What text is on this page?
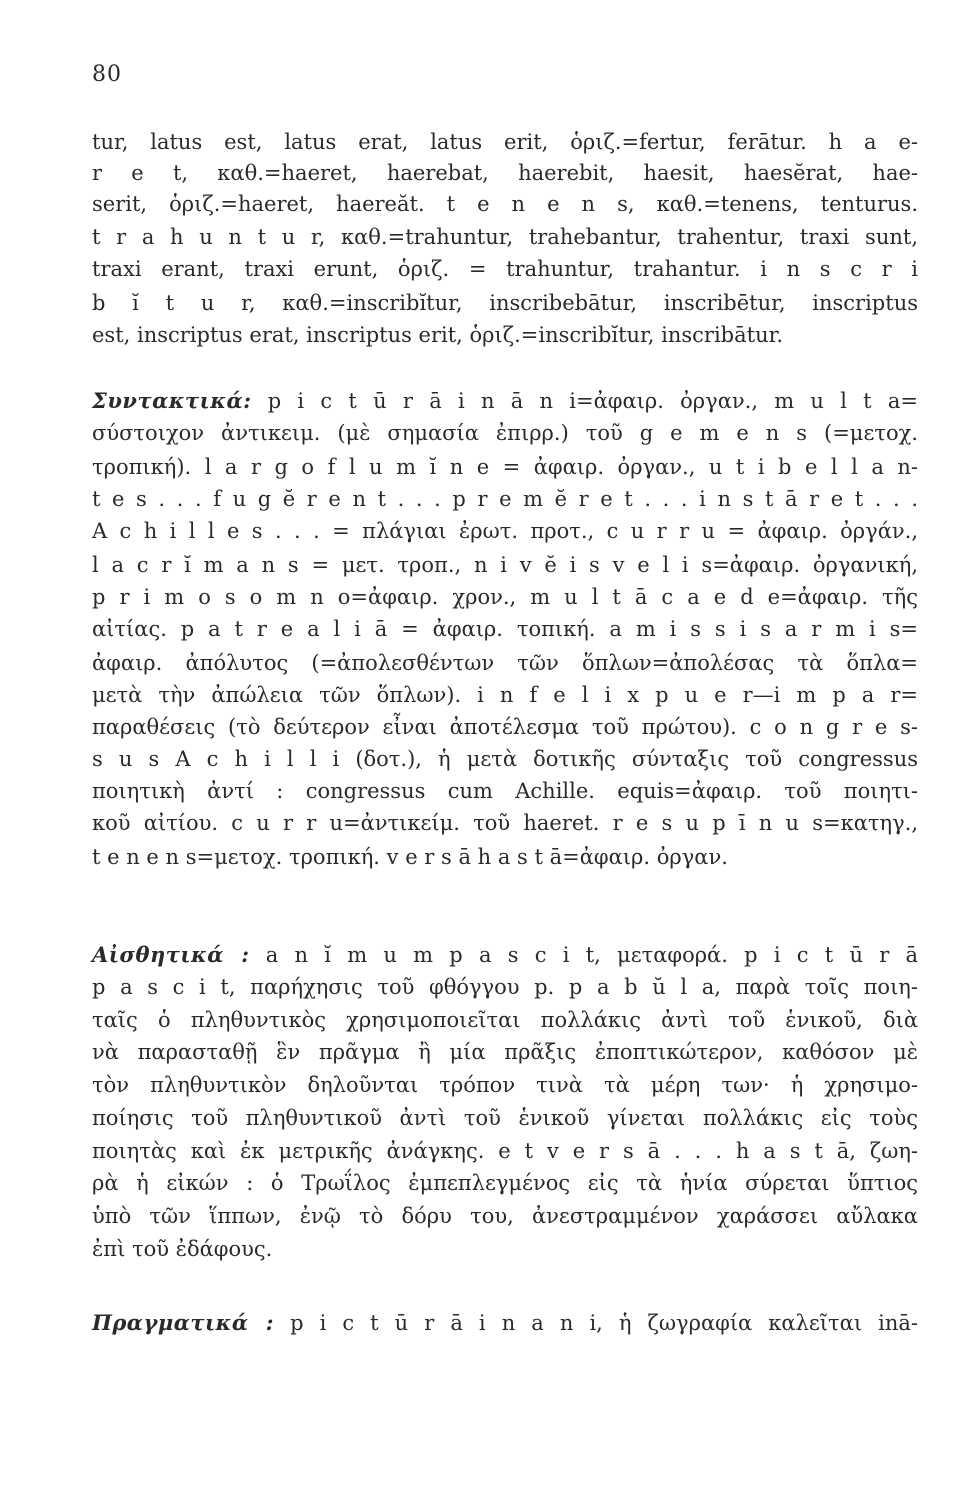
80
tur, latus est, latus erat, latus erit, ὁριζ.=fertur, ferātur. h a e-
r e t, καθ.=haeret, haerebat, haerebit, haesit, haesĕrat, hae-
serit, ὁριζ.=haeret, haereăt. t e n e n s, καθ.=tenens, tenturus.
t r a h u n t u r, καθ.=trahuntur, trahebantur, trahentur, traxi sunt,
traxi erant, traxi erunt, ὁριζ. = trahuntur, trahantur. i n s c r i
b ĭ t u r, καθ.=inscribĭtur, inscribebātur, inscribētur, inscriptus
est, inscriptus erat, inscriptus erit, ὁριζ.=inscribĭtur, inscribātur.
Συντακτικά: p i c t ū r ā i n ā n i=ἀφαιρ. ὀργαν., m u l t a=
σύστοιχον ἀντικειμ. (μὲ σημασία ἐπιρρ.) τοῦ g e m e n s (=μετοχ.
τροπική). l a r g o f l u m ĭ n e = ἀφαιρ. ὀργαν., u t i b e l l a n-
t e s . . . f u g ĕ r e n t . . . p r e m ĕ r e t . . . i n s t ā r e t . . .
A c h i l l e s . . . = πλάγιαι ἐρωτ. προτ., c u r r u = ἀφαιρ. ὀργάν.,
l a c r ĭ m a n s = μετ. τροπ., n i v ĕ i s v e l i s=ἀφαιρ. ὀργανική,
p r i m o s o m n o=ἀφαιρ. χρον., m u l t ā c a e d e=ἀφαιρ. τῆς
αἰτίας. p a t r e a l i ā = ἀφαιρ. τοπική. a m i s s i s a r m i s=
ἀφαιρ. ἀπόλυτος (=ἀπολεσθέντων τῶν ὅπλων=ἀπολέσας τὰ ὅπλα=
μετὰ τὴν ἀπώλεια τῶν ὅπλων). i n f e l i x p u e r—i m p a r=
παραθέσεις (τὸ δεύτερον εἶναι ἀποτέλεσμα τοῦ πρώτου). c o n g r e s-
s u s A c h i l l i (δοτ.), ἡ μετὰ δοτικῆς σύνταξις τοῦ congressus
ποιητικὴ ἀντί : congressus cum Achille. equis=ἀφαιρ. τοῦ ποιητι-
κοῦ αἰτίου. c u r r u=ἀντικείμ. τοῦ haeret. r e s u p ī n u s=κατηγ.,
t e n e n s=μετοχ. τροπική. v e r s ā h a s t ā=ἀφαιρ. ὀργαν.
Αἰσθητικά : a n ĭ m u m p a s c i t, μεταφορά. p i c t ū r ā
p a s c i t, παρήχησις τοῦ φθόγγου p. p a b ŭ l a, παρὰ τοῖς ποιη-
ταῖς ὁ πληθυντικὸς χρησιμοποιεῖται πολλάκις ἀντὶ τοῦ ἑνικοῦ, διὰ
νὰ παρασταθῇ ἓν πρᾶγμα ἢ μία πρᾶξις ἐποπτικώτερον, καθόσον μὲ
τὸν πληθυντικὸν δηλοῦνται τρόπον τινὰ τὰ μέρη των· ἡ χρησιμο-
ποίησις τοῦ πληθυντικοῦ ἀντὶ τοῦ ἑνικοῦ γίνεται πολλάκις εἰς τοὺς
ποιητὰς καὶ ἐκ μετρικῆς ἀνάγκης. e t v e r s ā . . . h a s t ā, ζωη-
ρὰ ἡ εἰκών : ὁ Τρωΐλος ἐμπεπλεγμένος εἰς τὰ ἡνία σύρεται ὕπτιος
ὑπὸ τῶν ἵππων, ἐνῷ τὸ δόρυ του, ἀνεστραμμένον χαράσσει αὔλακα
ἐπὶ τοῦ ἐδάφους.
Πραγματικά : p i c t ū r ā i n a n i, ἡ ζωγραφία καλεῖται inā-
